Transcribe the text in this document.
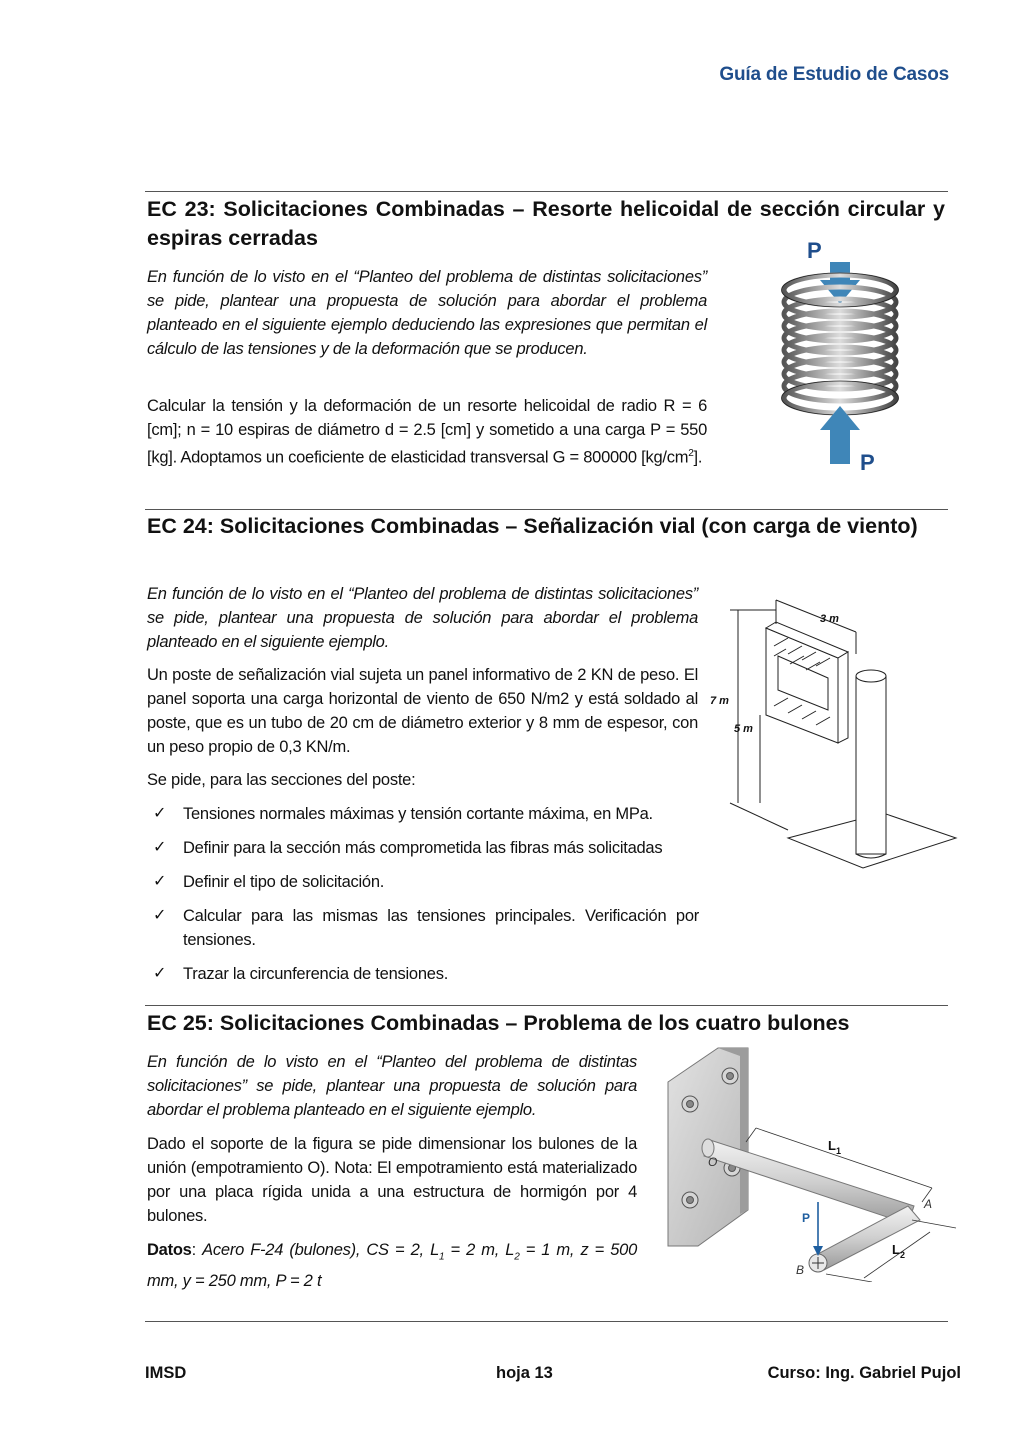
Guía de Estudio de Casos
EC 23: Solicitaciones Combinadas – Resorte helicoidal de sección circular y espiras cerradas

En función de lo visto en el “Planteo del problema de distintas solicitaciones” se pide, plantear una propuesta de solución para abordar el problema planteado en el siguiente ejemplo deduciendo las expresiones que permitan el cálculo de las tensiones y de la deformación que se producen.

Calcular la tensión y la deformación de un resorte helicoidal de radio R = 6 [cm]; n = 10 espiras de diámetro d = 2.5 [cm] y sometido a una carga P = 550 [kg]. Adoptamos un coeficiente de elasticidad transversal G = 800000 $[kg/cm^2]$.

P
P
EC 24: Solicitaciones Combinadas – Señalización vial (con carga de viento)

En función de lo visto en el “Planteo del problema de distintas solicitaciones” se pide, plantear una propuesta de solución para abordar el problema planteado en el siguiente ejemplo.

Un poste de señalización vial sujeta un panel informativo de 2 KN de peso. El panel soporta una carga horizontal de viento de 650 N/m2 y está soldado al poste, que es un tubo de 20 cm de diámetro exterior y 8 mm de espesor, con un peso propio de 0,3 KN/m.

Se pide, para las secciones del poste:

✓ Tensiones normales máximas y tensión cortante máxima, en MPa.
✓ Definir para la sección más comprometida las fibras más solicitadas
✓ Definir el tipo de solicitación.
✓ Calcular para las mismas las tensiones principales. Verificación por tensiones.
✓ Trazar la circunferencia de tensiones.
3 m
7 m
5 m
EC 25: Solicitaciones Combinadas – Problema de los cuatro bulones

En función de lo visto en el “Planteo del problema de distintas solicitaciones” se pide, plantear una propuesta de solución para abordar el problema planteado en el siguiente ejemplo.

Dado el soporte de la figura se pide dimensionar los bulones de la unión (empotramiento O). Nota: El empotramiento está materializado por una placa rígida unida a una estructura de hormigón por 4 bulones.

Datos: Acero F-24 (bulones), CS = 2, $L_1 = 2$ m, $L_2 = 1$ m, z = 500 mm, y = 250 mm, P = 2 t

P
$L_1$
$L_2$
O
A
B
IMSD	hoja 13	Curso: Ing. Gabriel Pujol
